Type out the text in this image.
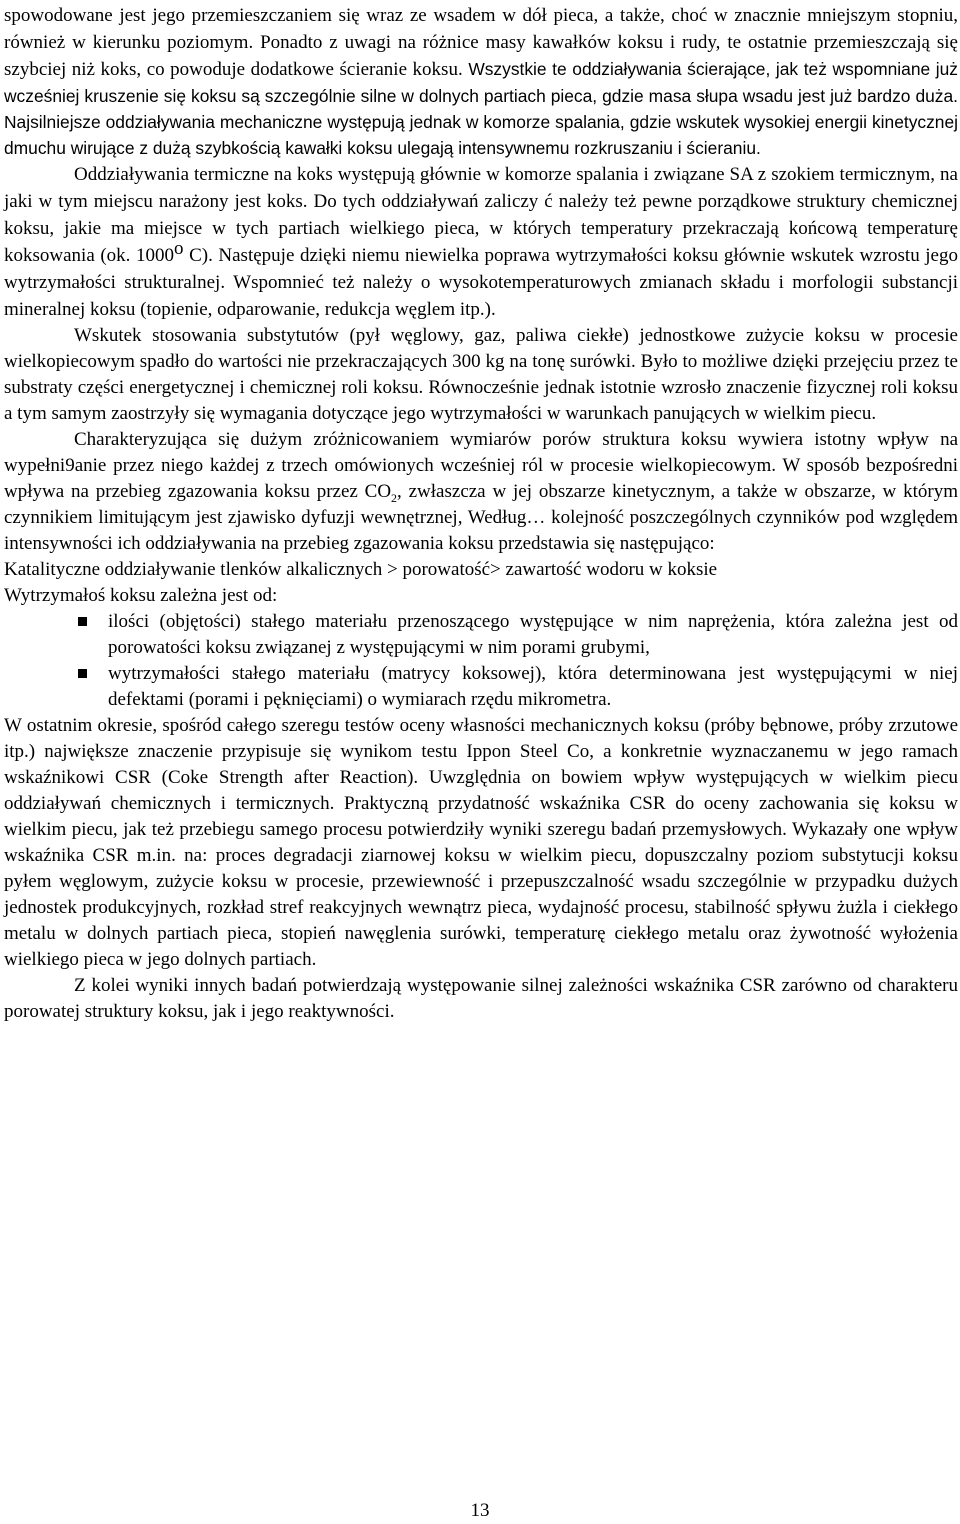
spowodowane jest jego przemieszczaniem się wraz ze wsadem w dół pieca, a także, choć w znacznie mniejszym stopniu, również w kierunku poziomym. Ponadto z uwagi na różnice masy kawałków koksu i rudy, te ostatnie przemieszczają się szybciej niż koks, co powoduje dodatkowe ścieranie koksu. Wszystkie te oddziaływania ścierające, jak też wspomniane już wcześniej kruszenie się koksu są szczególnie silne w dolnych partiach pieca, gdzie masa słupa wsadu jest już bardzo duża. Najsilniejsze oddziaływania mechaniczne występują jednak w komorze spalania, gdzie wskutek wysokiej energii kinetycznej dmuchu wirujące z dużą szybkością kawałki koksu ulegają intensywnemu rozkruszaniu i ścieraniu.

Oddziaływania termiczne na koks występują głównie w komorze spalania i związane SA z szokiem termicznym, na jaki w tym miejscu narażony jest koks. Do tych oddziaływań zaliczy ć należy też pewne porządkowe struktury chemicznej koksu, jakie ma miejsce w tych partiach wielkiego pieca, w których temperatury przekraczają końcową temperaturę koksowania (ok. 1000$^o$ C). Następuje dzięki niemu niewielka poprawa wytrzymałości koksu głównie wskutek wzrostu jego wytrzymałości strukturalnej. Wspomnieć też należy o wysokotemperaturowych zmianach składu i morfologii substancji mineralnej koksu (topienie, odparowanie, redukcja węglem itp.).

Wskutek stosowania substytutów (pył węglowy, gaz, paliwa ciekłe) jednostkowe zużycie koksu w procesie wielkopiecowym spadło do wartości nie przekraczających 300 kg na tonę surówki. Było to możliwe dzięki przejęciu przez te substraty części energetycznej i chemicznej roli koksu. Równocześnie jednak istotnie wzrosło znaczenie fizycznej roli koksu a tym samym zaostrzyły się wymagania dotyczące jego wytrzymałości w warunkach panujących w wielkim piecu.

Charakteryzująca się dużym zróżnicowaniem wymiarów porów struktura koksu wywiera istotny wpływ na wypełni9anie przez niego każdej z trzech omówionych wcześniej ról w procesie wielkopiecowym. W sposób bezpośredni wpływa na przebieg zgazowania koksu przez $CO_2$, zwłaszcza w jej obszarze kinetycznym, a także w obszarze, w którym czynnikiem limitującym jest zjawisko dyfuzji wewnętrznej, Według… kolejność poszczególnych czynników pod względem intensywności ich oddziaływania na przebieg zgazowania koksu przedstawia się następująco:

Katalityczne oddziaływanie tlenków alkalicznych > porowatość> zawartość wodoru w koksie

Wytrzymałoś koksu zależna jest od:

ilości (objętości) stałego materiału przenoszącego występujące w nim naprężenia, która zależna jest od porowatości koksu związanej z występującymi w nim porami grubymi,
wytrzymałości stałego materiału (matrycy koksowej), która determinowana jest występującymi w niej defektami (porami i pęknięciami) o wymiarach rzędu mikrometra.

W ostatnim okresie, spośród całego szeregu testów oceny własności mechanicznych koksu (próby bębnowe, próby zrzutowe itp.) największe znaczenie przypisuje się wynikom testu Ippon Steel Co, a konkretnie wyznaczanemu w jego ramach wskaźnikowi CSR (Coke Strength after Reaction). Uwzględnia on bowiem wpływ występujących w wielkim piecu oddziaływań chemicznych i termicznych. Praktyczną przydatność wskaźnika CSR do oceny zachowania się koksu w wielkim piecu, jak też przebiegu samego procesu potwierdziły wyniki szeregu badań przemysłowych. Wykazały one wpływ wskaźnika CSR m.in. na: proces degradacji ziarnowej koksu w wielkim piecu, dopuszczalny poziom substytucji koksu pyłem węglowym, zużycie koksu w procesie, przewiewność i przepuszczalność wsadu szczególnie w przypadku dużych jednostek produkcyjnych, rozkład stref reakcyjnych wewnątrz pieca, wydajność procesu, stabilność spływu żużla i ciekłego metalu w dolnych partiach pieca, stopień nawęglenia surówki, temperaturę ciekłego metalu oraz żywotność wyłożenia wielkiego pieca w jego dolnych partiach.

Z kolei wyniki innych badań potwierdzają występowanie silnej zależności wskaźnika CSR zarówno od charakteru porowatej struktury koksu, jak i jego reaktywności.

13
